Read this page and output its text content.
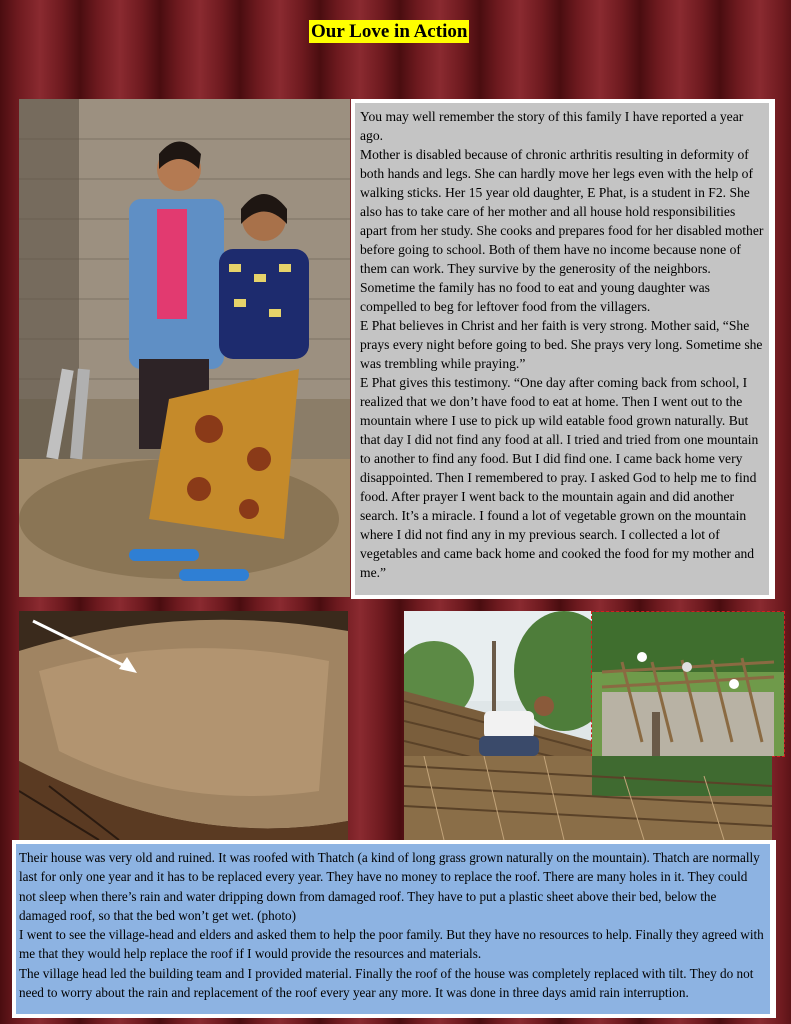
Our Love in Action

You may well remember the story of this family I have reported a year ago.

Mother is disabled because of chronic arthritis resulting in deformity of both hands and legs. She can hardly move her legs even with the help of walking sticks. Her 15 year old daughter, E Phat, is a student in F2. She also has to take care of her mother and all house hold responsibilities apart from her study. She cooks and prepares food for her disabled mother before going to school. Both of them have no income because none of them can work. They survive by the generosity of the neighbors. Sometime the family has no food to eat and young daughter was compelled to beg for leftover food from the villagers.

E Phat believes in Christ and her faith is very strong. Mother said, “She prays every night before going to bed. She prays very long. Sometime she was trembling while praying.”

E Phat gives this testimony. “One day after coming back from school, I realized that we don’t have food to eat at home. Then I went out to the mountain where I use to pick up wild eatable food grown naturally. But that day I did not find any food at all. I tried and tried from one mountain to another to find any food. But I did find one. I came back home very disappointed. Then I remembered to pray. I asked God to help me to find food. After prayer I went back to the mountain again and did another search. It’s a miracle. I found a lot of vegetable grown on the mountain where I did not find any in my previous search. I collected a lot of vegetables and came back home and cooked the food for my mother and me.”

Their house was very old and ruined. It was roofed with Thatch (a kind of long grass grown naturally on the mountain). Thatch are normally last for only one year and it has to be replaced every year. They have no money to replace the roof. There are many holes in it. They could not sleep when there’s rain and water dripping down from damaged roof. They have to put a plastic sheet above their bed, below the damaged roof, so that the bed won’t get wet. (photo)

I went to see the village-head and elders and asked them to help the poor family. But they have no resources to help. Finally they agreed with me that they would help replace the roof if I would provide the resources and materials.

The village head led the building team and I provided material. Finally the roof of the house was completely replaced with tilt. They do not need to worry about the rain and replacement of the roof every year any more. It was done in three days amid rain interruption.
